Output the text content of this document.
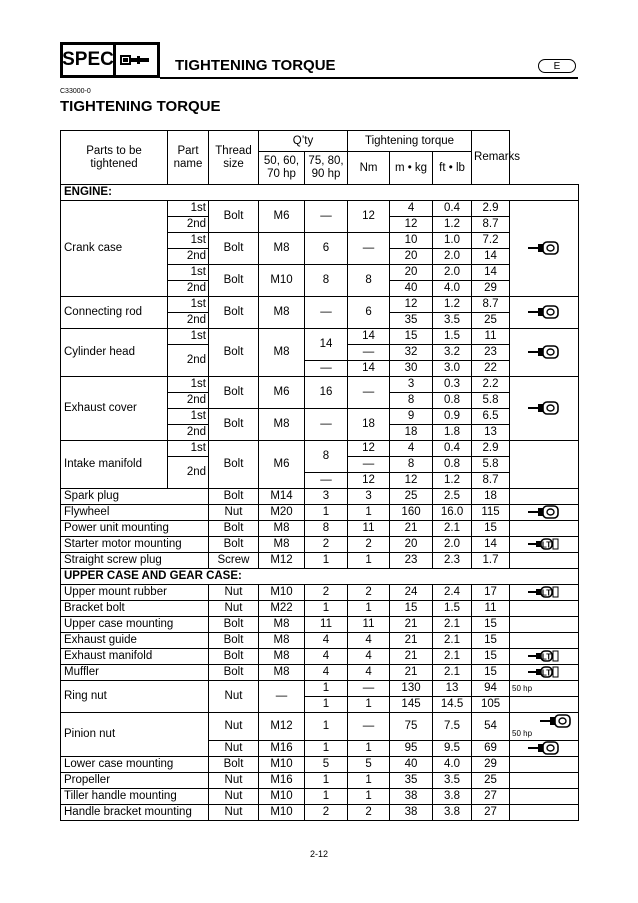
SPEC	TIGHTENING TORQUE	E
C33000-0
TIGHTENING TORQUE
Parts to be tightened	Part name	Thread size	Q’ty		Tightening torque			Remarks	
			50, 60, 70 hp	75, 80, 90 hp	Nm	m • kg	ft • lb		

ENGINE:									
Crank case	1st	Bolt	M6	—	12	4	0.4	2.9	
	2nd					12	1.2	8.7	
	1st	Bolt	M8	6	—	10	1.0	7.2	
	2nd					20	2.0	14	
	1st	Bolt	M10	8	8	20	2.0	14	
	2nd					40	4.0	29	
Connecting rod	1st	Bolt	M8	—	6	12	1.2	8.7	
	2nd					35	3.5	25	
Cylinder head	1st	Bolt	M8	14	14	15	1.5	11	
	2nd				—	32	3.2	23	
				—	14	30	3.0	22	
Exhaust cover	1st	Bolt	M6	16	—	3	0.3	2.2	
	2nd					8	0.8	5.8	
	1st	Bolt	M8	—	18	9	0.9	6.5	
	2nd					18	1.8	13	
Intake manifold	1st	Bolt	M6	8	12	4	0.4	2.9	
	2nd				—	8	0.8	5.8	
				—	12	12	1.2	8.7	
Spark plug		Bolt	M14	3	3	25	2.5	18	
Flywheel		Nut	M20	1	1	160	16.0	115	
Power unit mounting		Bolt	M8	8	11	21	2.1	15	
Starter motor mounting		Bolt	M8	2	2	20	2.0	14	LT

Straight screw plug		Screw	M12	1	1	23	2.3	1.7	
UPPER CASE AND GEAR CASE:									
Upper mount rubber		Nut	M10	2	2	24	2.4	17	LT

Bracket bolt		Nut	M22	1	1	15	1.5	11	
Upper case mounting		Bolt	M8	11	11	21	2.1	15	
Exhaust guide		Bolt	M8	4	4	21	2.1	15	
Exhaust manifold		Bolt	M8	4	4	21	2.1	15	LT

Muffler		Bolt	M8	4	4	21	2.1	15	LT

Ring nut		Nut	—	1	—	130	13	94	50 hp
				1	1	145	14.5	105	
Pinion nut		Nut	M12	1	—	75	7.5	54	50 hp
		Nut	M16	1	1	95	9.5	69	
Lower case mounting		Bolt	M10	5	5	40	4.0	29	
Propeller		Nut	M16	1	1	35	3.5	25	
Tiller handle mounting		Nut	M10	1	1	38	3.8	27	
Handle bracket mounting		Nut	M10	2	2	38	3.8	27	
2-12
